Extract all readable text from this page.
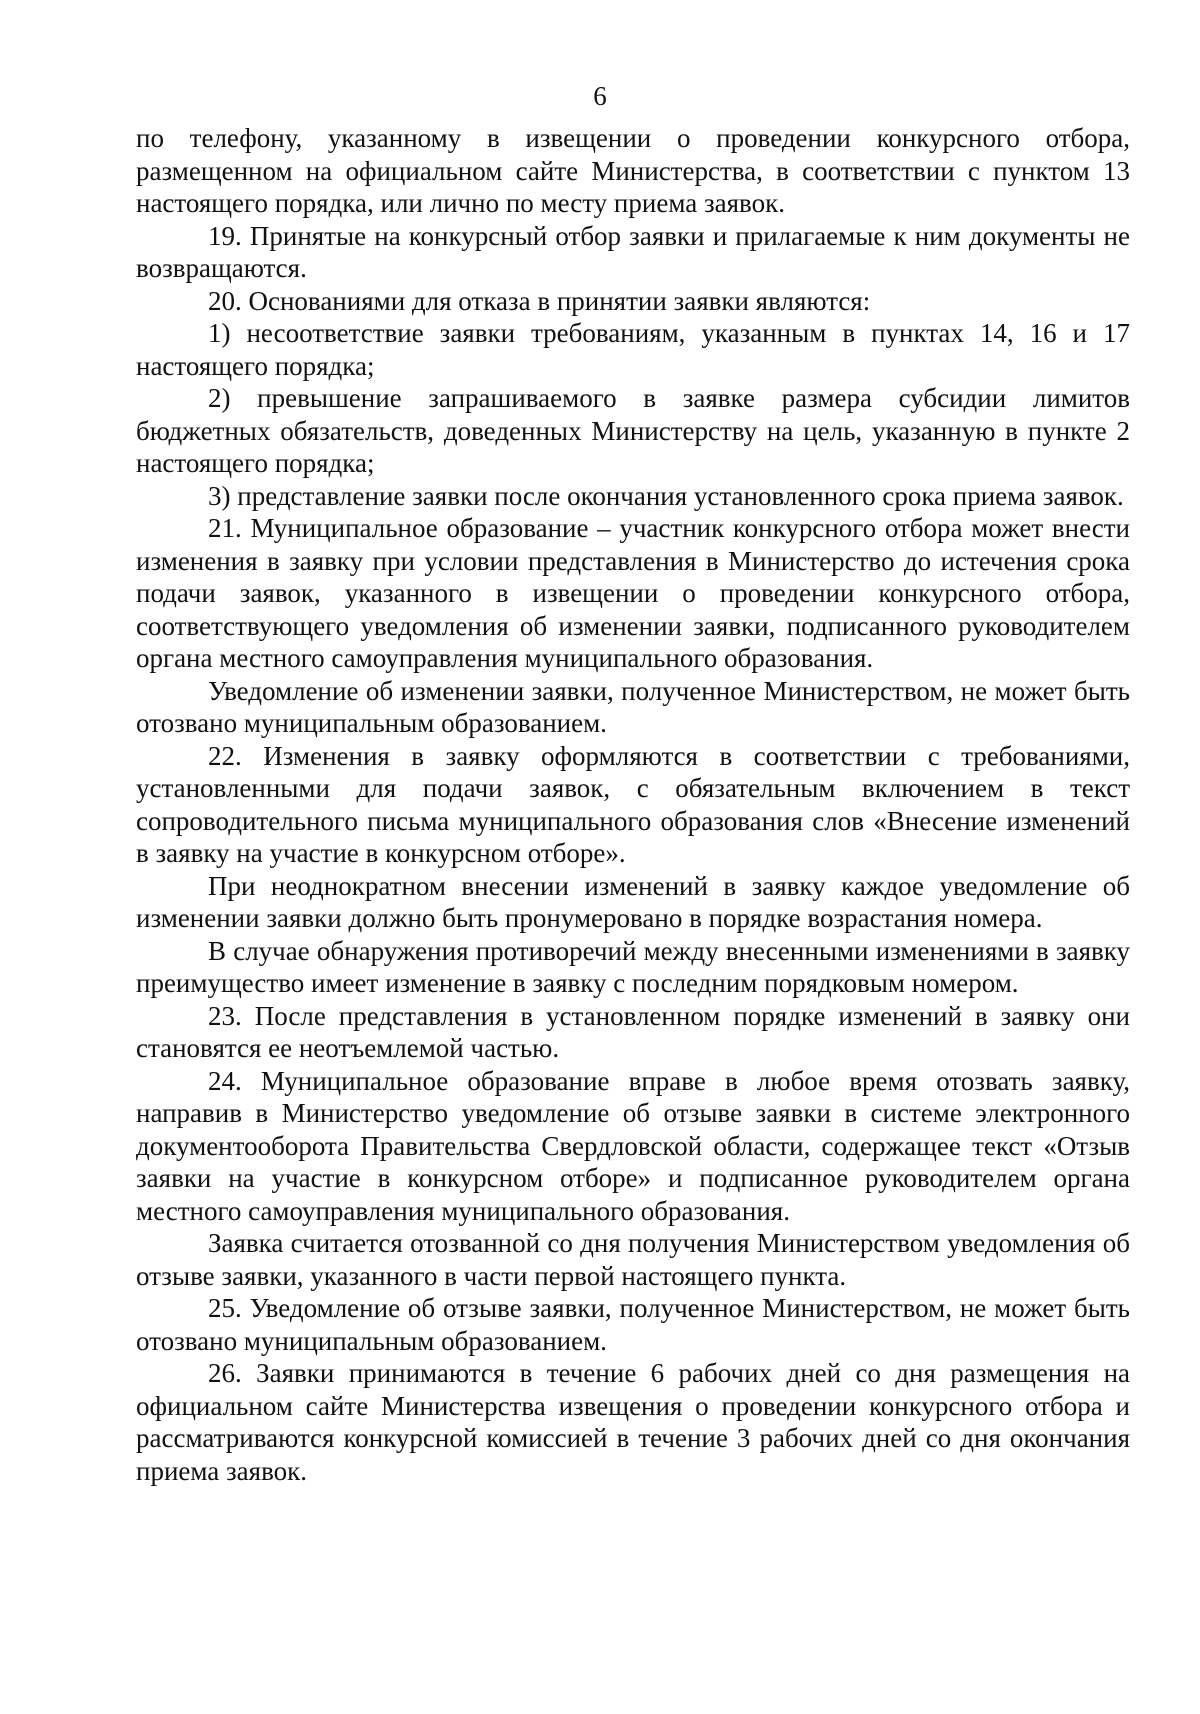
6

по телефону, указанному в извещении о проведении конкурсного отбора, размещенном на официальном сайте Министерства, в соответствии с пунктом 13 настоящего порядка, или лично по месту приема заявок.

19. Принятые на конкурсный отбор заявки и прилагаемые к ним документы не возвращаются.

20. Основаниями для отказа в принятии заявки являются:

1) несоответствие заявки требованиям, указанным в пунктах 14, 16 и 17 настоящего порядка;

2) превышение запрашиваемого в заявке размера субсидии лимитов бюджетных обязательств, доведенных Министерству на цель, указанную в пункте 2 настоящего порядка;

3) представление заявки после окончания установленного срока приема заявок.

21. Муниципальное образование – участник конкурсного отбора может внести изменения в заявку при условии представления в Министерство до истечения срока подачи заявок, указанного в извещении о проведении конкурсного отбора, соответствующего уведомления об изменении заявки, подписанного руководителем органа местного самоуправления муниципального образования.

Уведомление об изменении заявки, полученное Министерством, не может быть отозвано муниципальным образованием.

22. Изменения в заявку оформляются в соответствии с требованиями, установленными для подачи заявок, с обязательным включением в текст сопроводительного письма муниципального образования слов «Внесение изменений в заявку на участие в конкурсном отборе».

При неоднократном внесении изменений в заявку каждое уведомление об изменении заявки должно быть пронумеровано в порядке возрастания номера.

В случае обнаружения противоречий между внесенными изменениями в заявку преимущество имеет изменение в заявку с последним порядковым номером.

23. После представления в установленном порядке изменений в заявку они становятся ее неотъемлемой частью.

24. Муниципальное образование вправе в любое время отозвать заявку, направив в Министерство уведомление об отзыве заявки в системе электронного документооборота Правительства Свердловской области, содержащее текст «Отзыв заявки на участие в конкурсном отборе» и подписанное руководителем органа местного самоуправления муниципального образования.

Заявка считается отозванной со дня получения Министерством уведомления об отзыве заявки, указанного в части первой настоящего пункта.

25. Уведомление об отзыве заявки, полученное Министерством, не может быть отозвано муниципальным образованием.

26. Заявки принимаются в течение 6 рабочих дней со дня размещения на официальном сайте Министерства извещения о проведении конкурсного отбора и рассматриваются конкурсной комиссией в течение 3 рабочих дней со дня окончания приема заявок.
